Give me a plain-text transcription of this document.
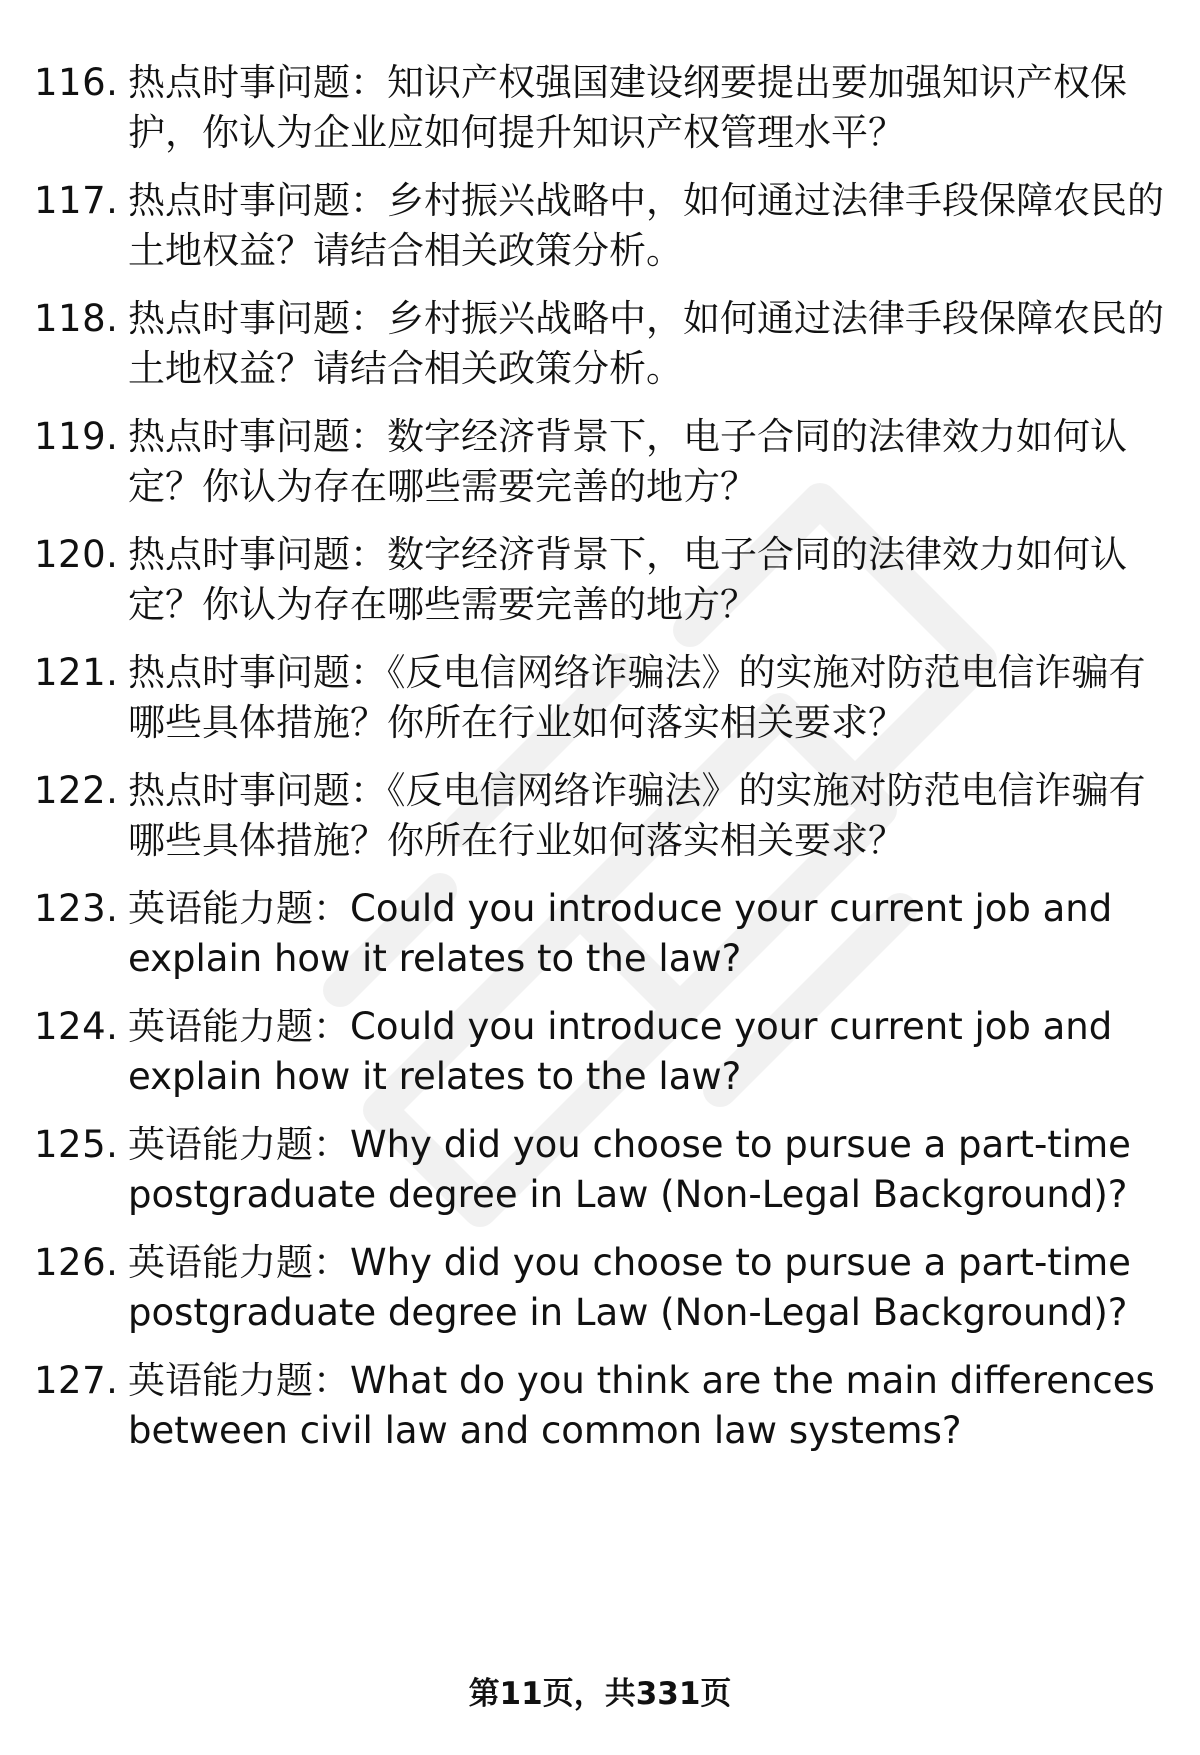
116. 热点时事问题：知识产权强国建设纲要提出要加强知识产权保
护，你认为企业应如何提升知识产权管理水平？
117. 热点时事问题：乡村振兴战略中，如何通过法律手段保障农民的
土地权益？请结合相关政策分析。
118. 热点时事问题：乡村振兴战略中，如何通过法律手段保障农民的
土地权益？请结合相关政策分析。
119. 热点时事问题：数字经济背景下，电子合同的法律效力如何认
定？你认为存在哪些需要完善的地方？
120. 热点时事问题：数字经济背景下，电子合同的法律效力如何认
定？你认为存在哪些需要完善的地方？
121. 热点时事问题：《反电信网络诈骗法》的实施对防范电信诈骗有
哪些具体措施？你所在行业如何落实相关要求？
122. 热点时事问题：《反电信网络诈骗法》的实施对防范电信诈骗有
哪些具体措施？你所在行业如何落实相关要求？
123. 英语能力题：Could you introduce your current job and
explain how it relates to the law?
124. 英语能力题：Could you introduce your current job and
explain how it relates to the law?
125. 英语能力题：Why did you choose to pursue a part-time
postgraduate degree in Law (Non-Legal Background)?
126. 英语能力题：Why did you choose to pursue a part-time
postgraduate degree in Law (Non-Legal Background)?
127. 英语能力题：What do you think are the main differences
between civil law and common law systems?
第11页，共331页
